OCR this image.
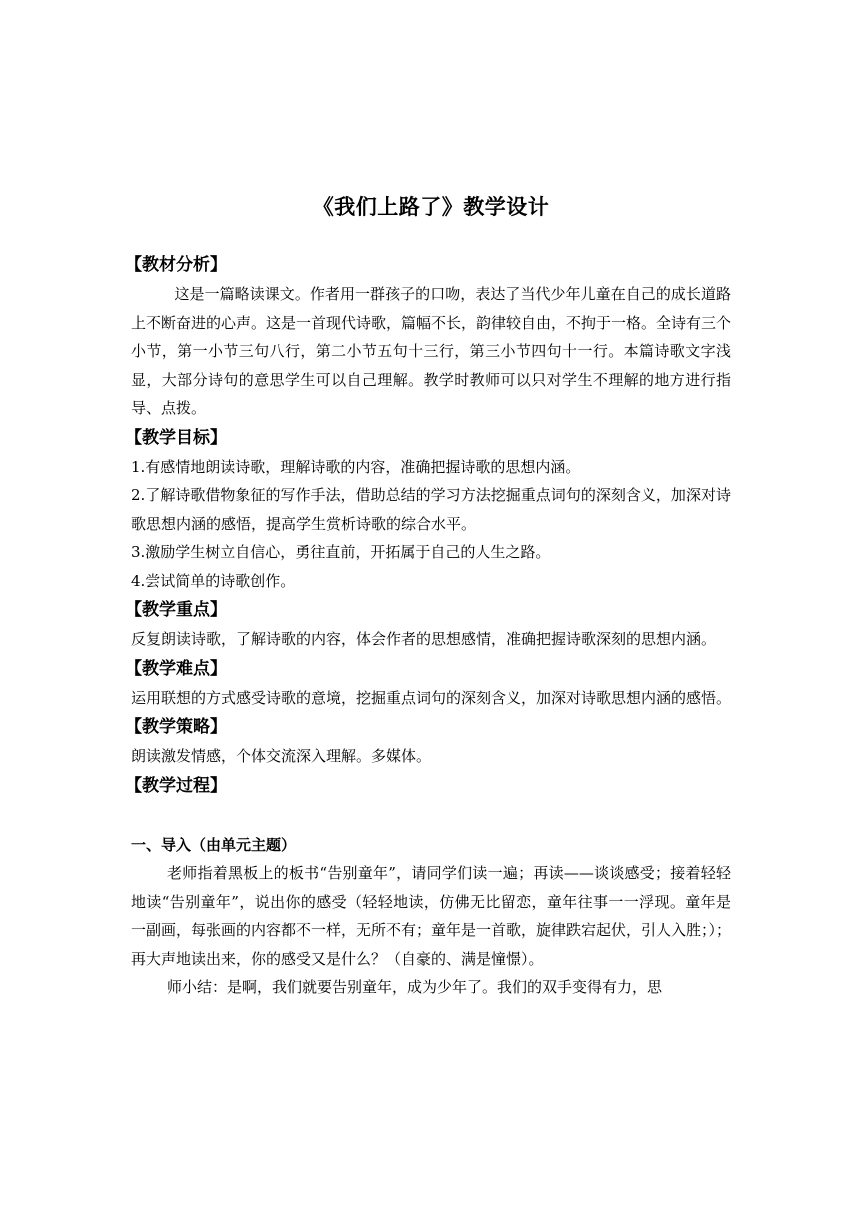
《我们上路了》教学设计
【教材分析】

这是一篇略读课文。作者用一群孩子的口吻，表达了当代少年儿童在自己的成长道路上不断奋进的心声。这是一首现代诗歌，篇幅不长，韵律较自由，不拘于一格。全诗有三个小节，第一小节三句八行，第二小节五句十三行，第三小节四句十一行。本篇诗歌文字浅显，大部分诗句的意思学生可以自己理解。教学时教师可以只对学生不理解的地方进行指导、点拨。

【教学目标】

1.有感情地朗读诗歌，理解诗歌的内容，准确把握诗歌的思想内涵。

2.了解诗歌借物象征的写作手法，借助总结的学习方法挖掘重点词句的深刻含义，加深对诗歌思想内涵的感悟，提高学生赏析诗歌的综合水平。

3.激励学生树立自信心，勇往直前，开拓属于自己的人生之路。

4.尝试简单的诗歌创作。

【教学重点】

反复朗读诗歌，了解诗歌的内容，体会作者的思想感情，准确把握诗歌深刻的思想内涵。

【教学难点】

运用联想的方式感受诗歌的意境，挖掘重点词句的深刻含义，加深对诗歌思想内涵的感悟。

【教学策略】

朗读激发情感，个体交流深入理解。多媒体。

【教学过程】
一、导入（由单元主题）

老师指着黑板上的板书“告别童年”，请同学们读一遍；再读——谈谈感受；接着轻轻地读“告别童年”，说出你的感受（轻轻地读，仿佛无比留恋，童年往事一一浮现。童年是一副画，每张画的内容都不一样，无所不有；童年是一首歌，旋律跌宕起伏，引人入胜；）；再大声地读出来，你的感受又是什么？（自豪的、满是憧憬）。

师小结：是啊，我们就要告别童年，成为少年了。我们的双手变得有力，思
